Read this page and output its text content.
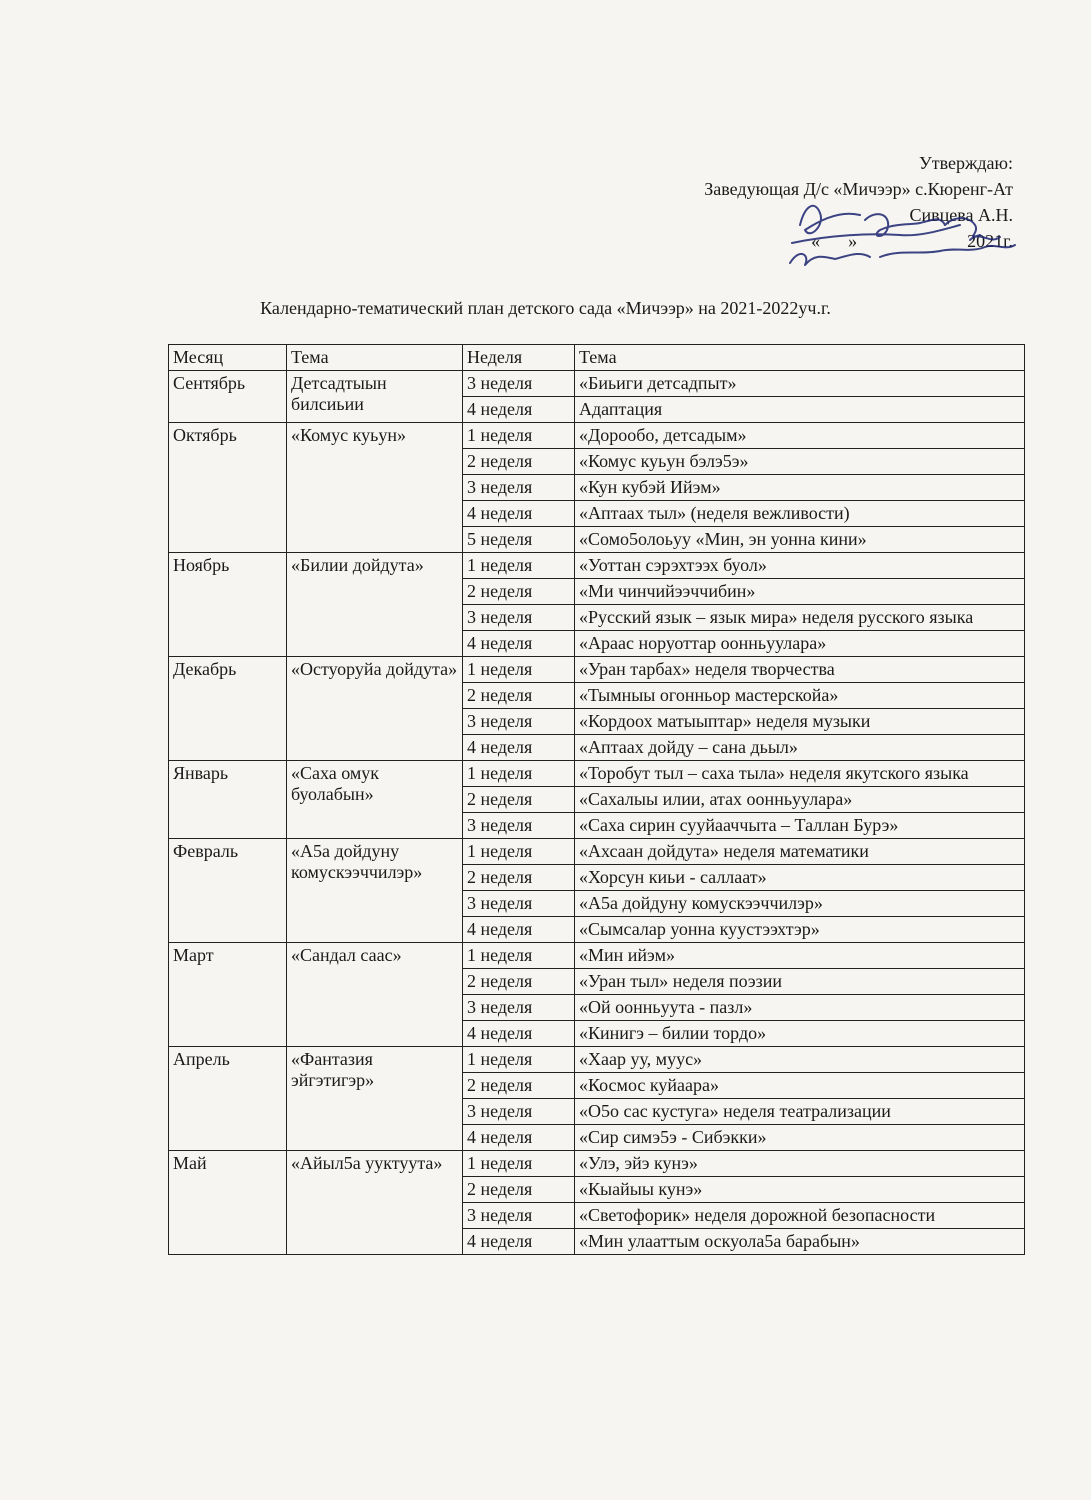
Утверждаю:
Заведующая Д/с «Мичээр» с.Кюренг-Ат
Сивцева А.Н.
« »	2021г.
Календарно-тематический план детского сада «Мичээр» на 2021-2022уч.г.
Месяц	Тема	Неделя	Тема
Сентябрь	Детсадтыын билсиьии	3 неделя	«Биьиги детсадпыт»
		4 неделя	Адаптация
Октябрь	«Комус куьун»	1 неделя	«Дорообо, детсадым»
		2 неделя	«Комус куьун бэлэ5э»
		3 неделя	«Кун кубэй Ийэм»
		4 неделя	«Аптаах тыл» (неделя вежливости)
		5 неделя	«Сомо5олоьуу «Мин, эн уонна кини»
Ноябрь	«Билии дойдута»	1 неделя	«Уоттан сэрэхтээх буол»
		2 неделя	«Ми чинчийээччибин»
		3 неделя	«Русский язык – язык мира» неделя русского языка
		4 неделя	«Араас норуоттар оонньуулара»
Декабрь	«Остуоруйа дойдута»	1 неделя	«Уран тарбах» неделя творчества
		2 неделя	«Тымныы огонньор мастерскойа»
		3 неделя	«Кордоох матыыптар» неделя музыки
		4 неделя	«Аптаах дойду – сана дьыл»
Январь	«Саха омук буолабын»	1 неделя	«Торобут тыл – саха тыла» неделя якутского языка
		2 неделя	«Сахалыы илии, атах оонньуулара»
		3 неделя	«Саха сирин сууйааччыта – Таллан Бурэ»
Февраль	«А5а дойдуну комускээччилэр»	1 неделя	«Ахсаан дойдута» неделя математики
		2 неделя	«Хорсун киьи - саллаат»
		3 неделя	«А5а дойдуну комускээччилэр»
		4 неделя	«Сымсалар уонна куустээхтэр»
Март	«Сандал саас»	1 неделя	«Мин ийэм»
		2 неделя	«Уран тыл» неделя поэзии
		3 неделя	«Ой оонньуута - пазл»
		4 неделя	«Кинигэ – билии тордо»
Апрель	«Фантазия эйгэтигэр»	1 неделя	«Хаар уу, муус»
		2 неделя	«Космос куйаара»
		3 неделя	«О5о сас кустуга» неделя театрализации
		4 неделя	«Сир симэ5э - Сибэкки»
Май	«Айыл5а ууктуута»	1 неделя	«Улэ, эйэ кунэ»
		2 неделя	«Кыайыы кунэ»
		3 неделя	«Светофорик» неделя дорожной безопасности
		4 неделя	«Мин улааттым оскуола5а барабын»
